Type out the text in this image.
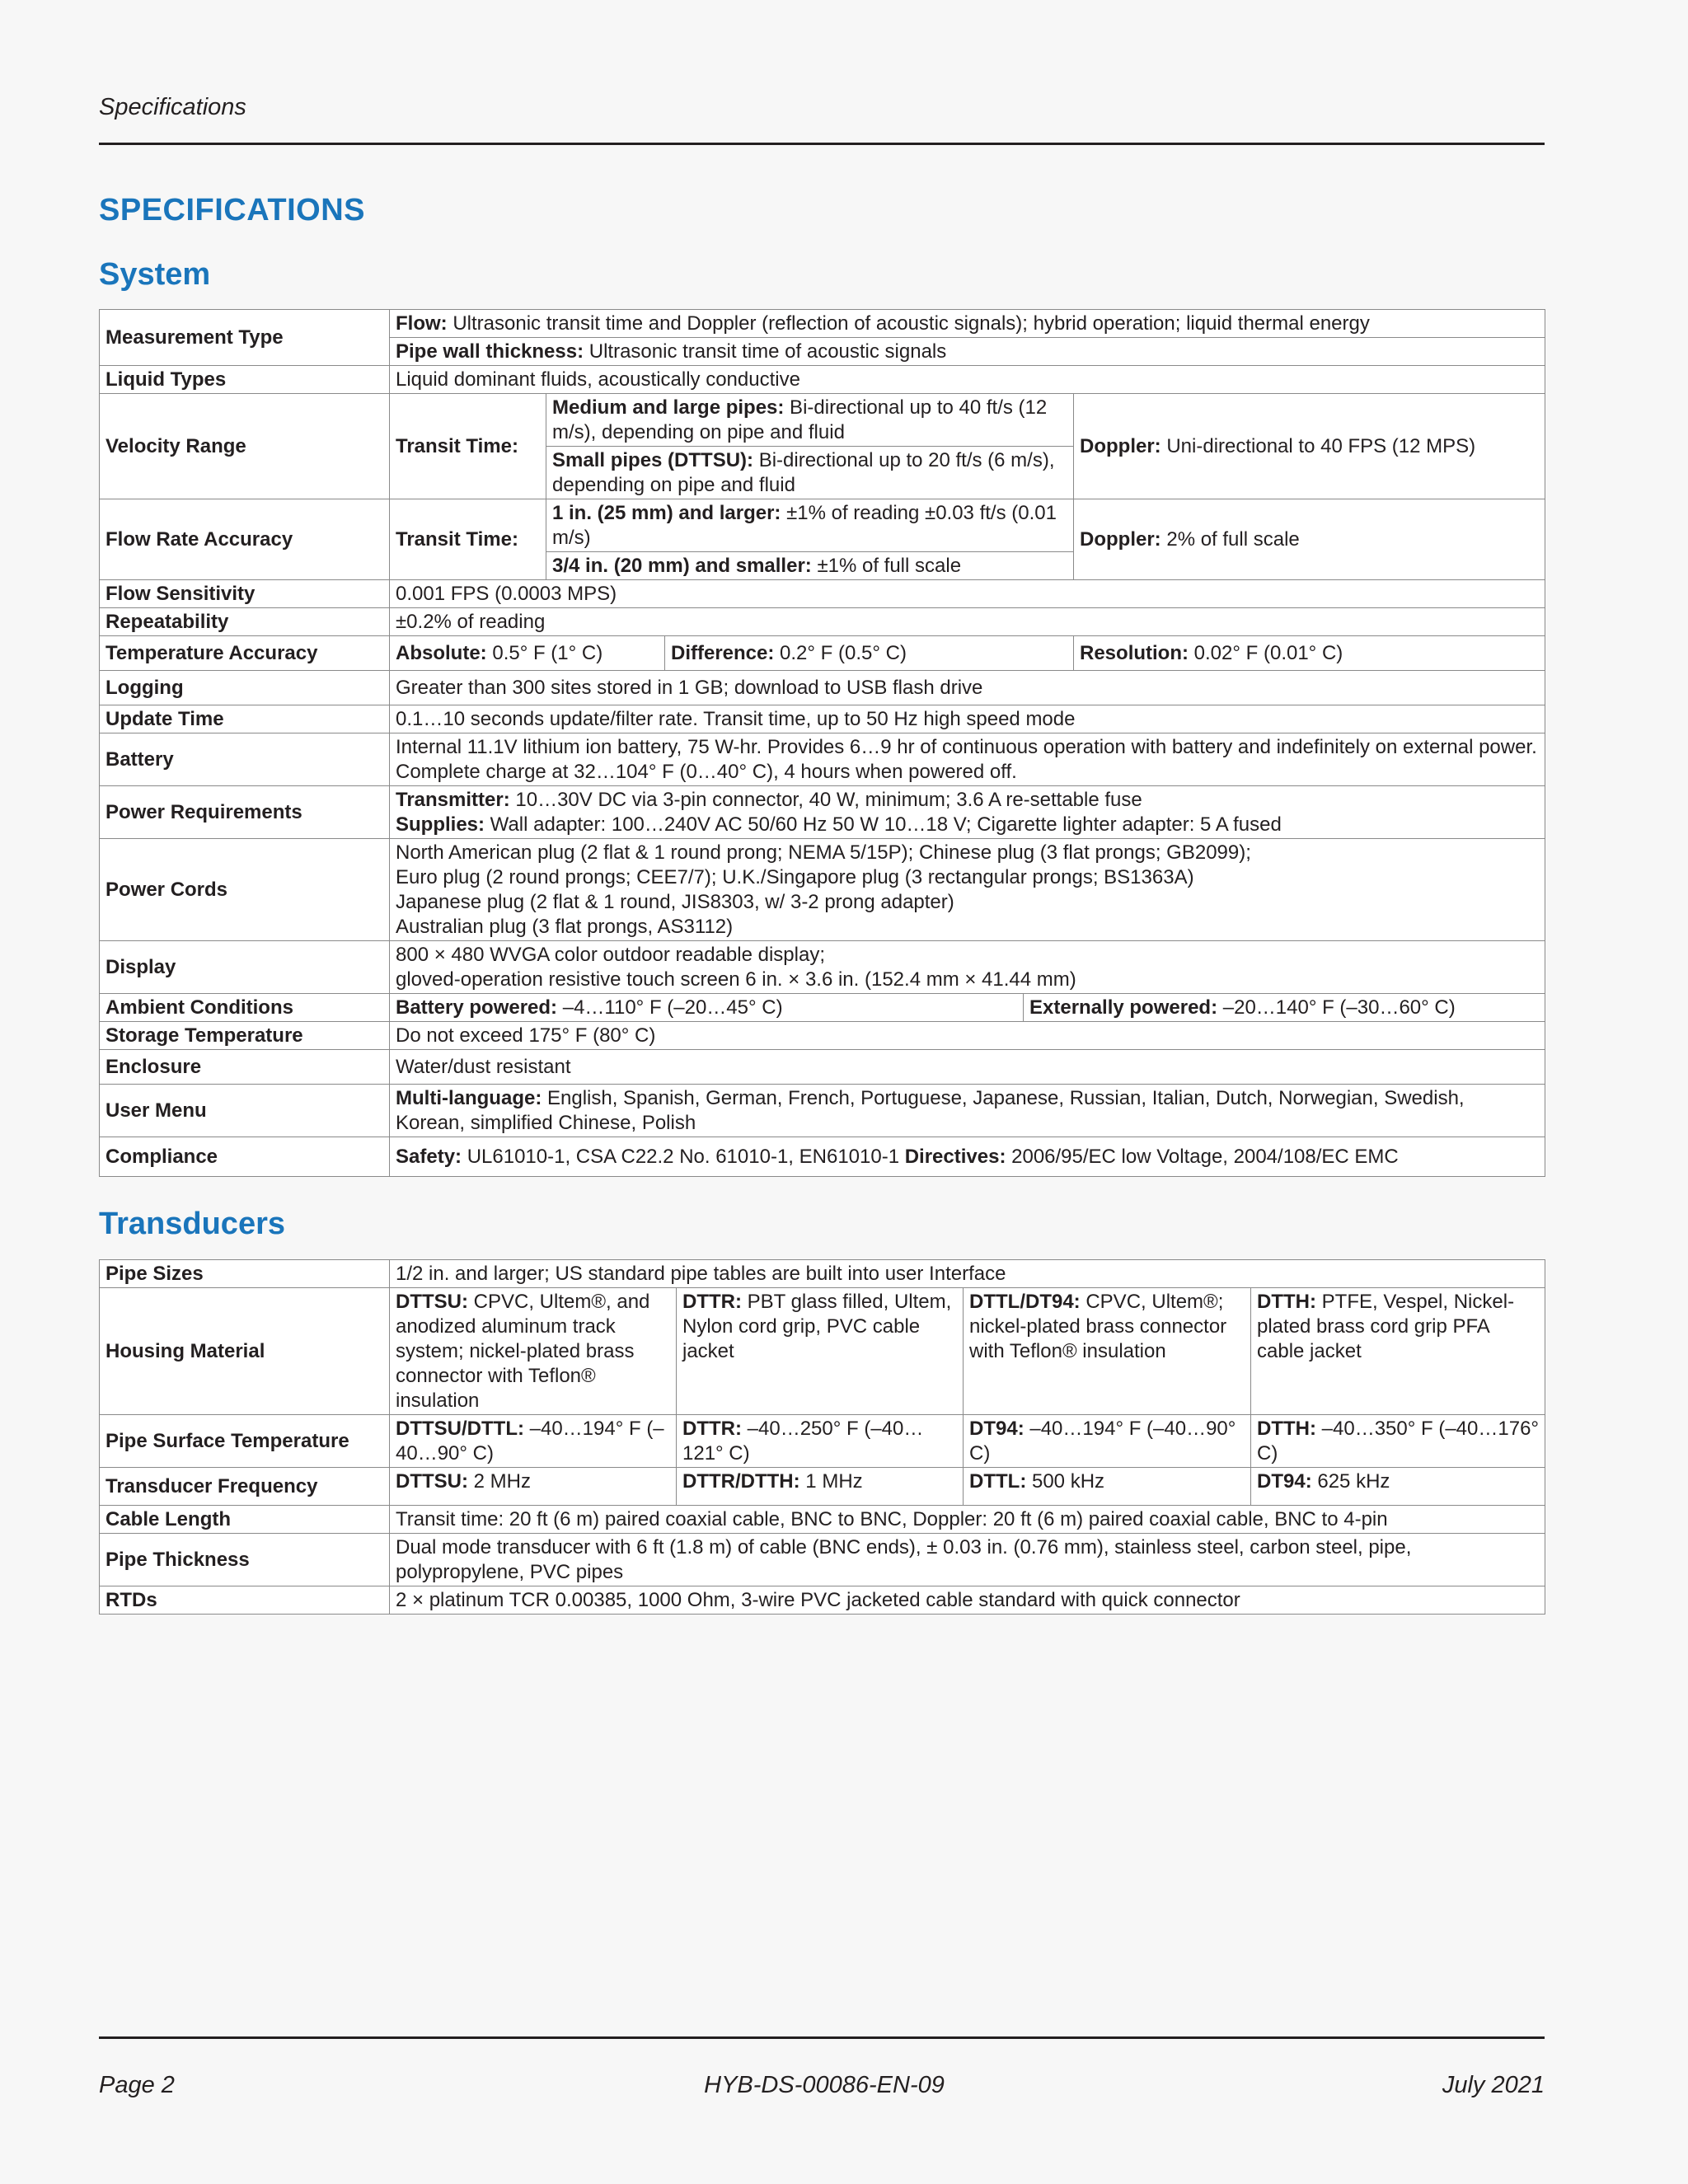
Specifications
SPECIFICATIONS
System
Measurement Type	Flow: Ultrasonic transit time and Doppler (reflection of acoustic signals); hybrid operation; liquid thermal energy				
	Pipe wall thickness: Ultrasonic transit time of acoustic signals				
Liquid Types	Liquid dominant fluids, acoustically conductive				
Velocity Range	Transit Time:	Medium and large pipes: Bi-directional up to 40 ft/s (12 m/s), depending on pipe and fluid			Doppler: Uni-directional to 40 FPS (12 MPS)
		Small pipes (DTTSU): Bi-directional up to 20 ft/s (6 m/s), depending on pipe and fluid			
Flow Rate Accuracy	Transit Time:	1 in. (25 mm) and larger: ±1% of reading ±0.03 ft/s (0.01 m/s)			Doppler: 2% of full scale
		3/4 in. (20 mm) and smaller: ±1% of full scale			
Flow Sensitivity	0.001 FPS (0.0003 MPS)				
Repeatability	±0.2% of reading				
Temperature Accuracy	Absolute: 0.5° F (1° C)		Difference: 0.2° F (0.5° C)		Resolution: 0.02° F (0.01° C)
Logging	Greater than 300 sites stored in 1 GB; download to USB flash drive				
Update Time	0.1…10 seconds update/filter rate. Transit time, up to 50 Hz high speed mode				
Battery	Internal 11.1V lithium ion battery, 75 W-hr. Provides 6…9 hr of continuous operation with battery and indefinitely on external power. Complete charge at 32…104° F (0…40° C), 4 hours when powered off.				
Power Requirements	Transmitter: 10…30V DC via 3-pin connector, 40 W, minimum; 3.6 A re-settable fuse
Supplies: Wall adapter: 100…240V AC 50/60 Hz 50 W 10…18 V; Cigarette lighter adapter: 5 A fused				
Power Cords	North American plug (2 flat & 1 round prong; NEMA 5/15P); Chinese plug (3 flat prongs; GB2099);
Euro plug (2 round prongs; CEE7/7); U.K./Singapore plug (3 rectangular prongs; BS1363A)
Japanese plug (2 flat & 1 round, JIS8303, w/ 3-2 prong adapter)
Australian plug (3 flat prongs, AS3112)				
Display	800 × 480 WVGA color outdoor readable display;
gloved-operation resistive touch screen 6 in. × 3.6 in. (152.4 mm × 41.44 mm)				
Ambient Conditions	Battery powered: –4…110° F (–20…45° C)			Externally powered: –20…140° F (–30…60° C)	
Storage Temperature	Do not exceed 175° F (80° C)				
Enclosure	Water/dust resistant				
User Menu	Multi-language: English, Spanish, German, French, Portuguese, Japanese, Russian, Italian, Dutch, Norwegian, Swedish, Korean, simplified Chinese, Polish				
Compliance	Safety: UL61010-1, CSA C22.2 No. 61010-1, EN61010-1 Directives: 2006/95/EC low Voltage, 2004/108/EC EMC				
Transducers
Pipe Sizes	1/2 in. and larger; US standard pipe tables are built into user Interface			
Housing Material	DTTSU: CPVC, Ultem®, and anodized aluminum track system; nickel-plated brass connector with Teflon® insulation	DTTR: PBT glass filled, Ultem, Nylon cord grip, PVC cable jacket	DTTL/DT94: CPVC, Ultem®; nickel-plated brass connector with Teflon® insulation	DTTH: PTFE, Vespel, Nickel-plated brass cord grip PFA cable jacket
Pipe Surface Temperature	DTTSU/DTTL: –40…194° F (–40…90° C)	DTTR: –40…250° F (–40…121° C)	DT94: –40…194° F (–40…90° C)	DTTH: –40…350° F (–40…176° C)
Transducer Frequency	DTTSU: 2 MHz	DTTR/DTTH: 1 MHz	DTTL: 500 kHz	DT94: 625 kHz
Cable Length	Transit time: 20 ft (6 m) paired coaxial cable, BNC to BNC, Doppler: 20 ft (6 m) paired coaxial cable, BNC to 4-pin			
Pipe Thickness	Dual mode transducer with 6 ft (1.8 m) of cable (BNC ends), ± 0.03 in. (0.76 mm), stainless steel, carbon steel, pipe, polypropylene, PVC pipes			
RTDs	2 × platinum TCR 0.00385, 1000 Ohm, 3-wire PVC jacketed cable standard with quick connector			
Page 2	HYB-DS-00086-EN-09	July 2021
